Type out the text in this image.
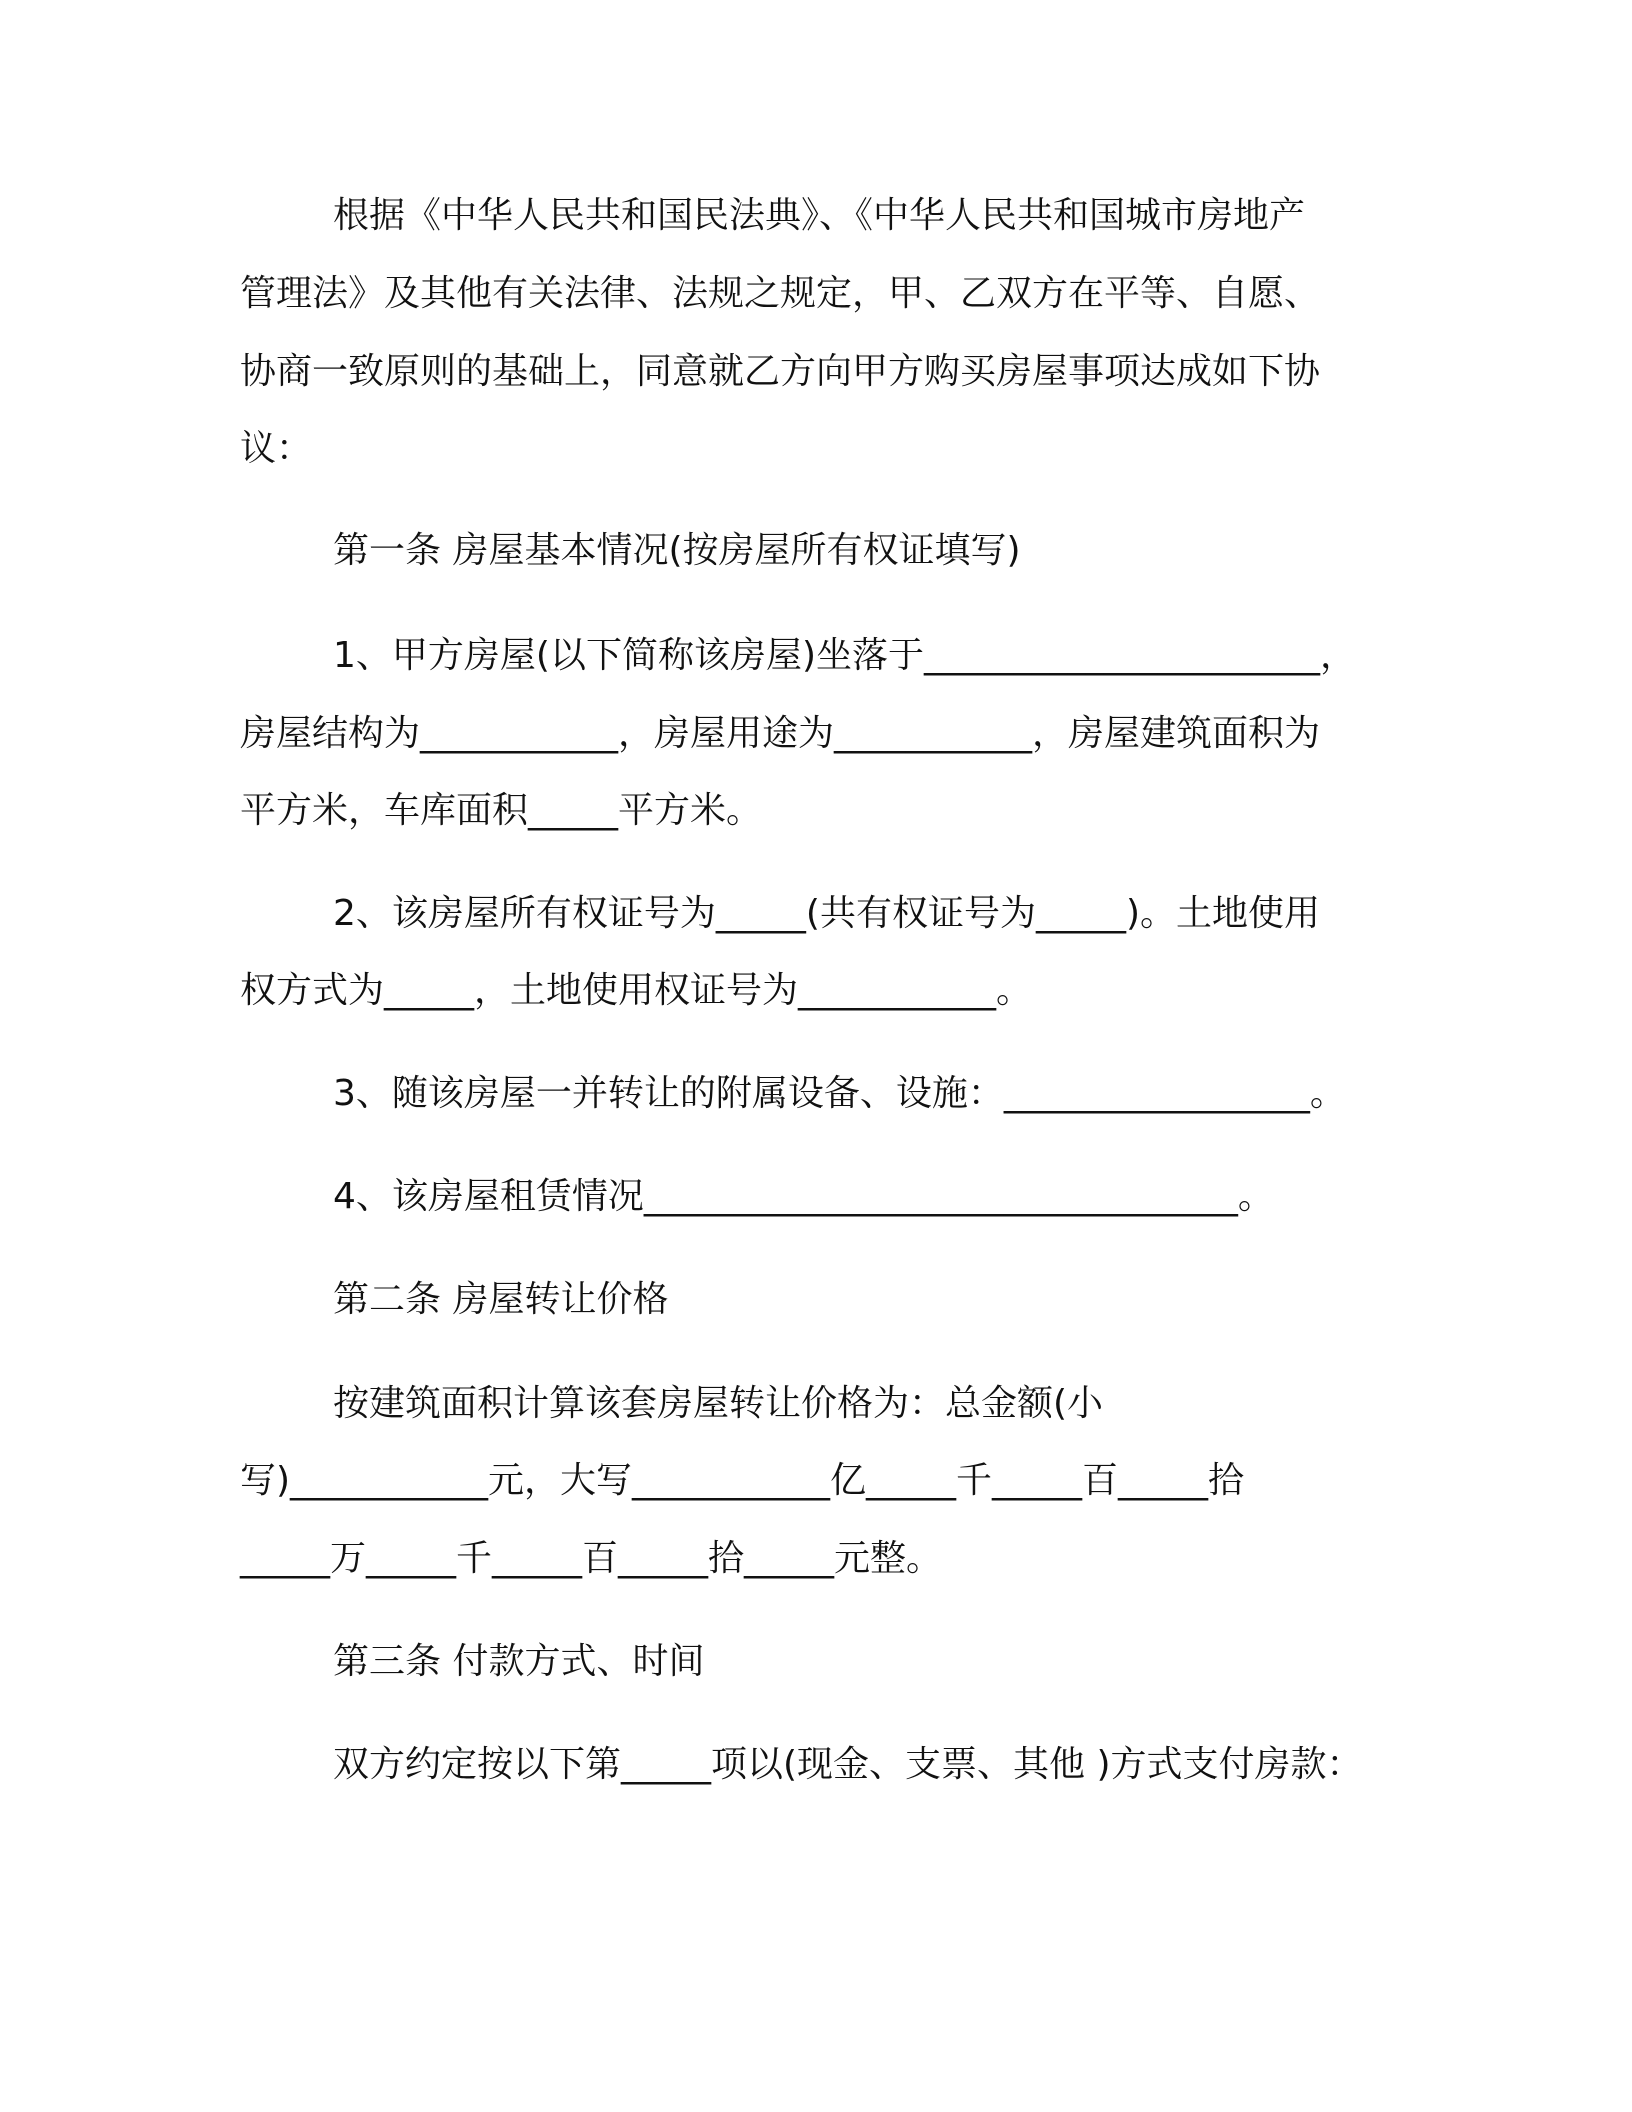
根据《中华人民共和国民法典》、《中华人民共和国城市房地产
管理法》及其他有关法律、法规之规定，甲、乙双方在平等、自愿、
协商一致原则的基础上，同意就乙方向甲方购买房屋事项达成如下协
议：
第一条 房屋基本情况(按房屋所有权证填写)
1、甲方房屋(以下简称该房屋)坐落于______________________，
房屋结构为___________，房屋用途为___________，房屋建筑面积为
平方米，车库面积_____平方米。
2、该房屋所有权证号为_____(共有权证号为_____)。土地使用
权方式为_____，土地使用权证号为___________。
3、随该房屋一并转让的附属设备、设施：_________________。
4、该房屋租赁情况_________________________________。
第二条 房屋转让价格
按建筑面积计算该套房屋转让价格为：总金额(小
写)___________元，大写___________亿_____千_____百_____拾
_____万_____千_____百_____拾_____元整。
第三条 付款方式、时间
双方约定按以下第_____项以(现金、支票、其他 )方式支付房款：
